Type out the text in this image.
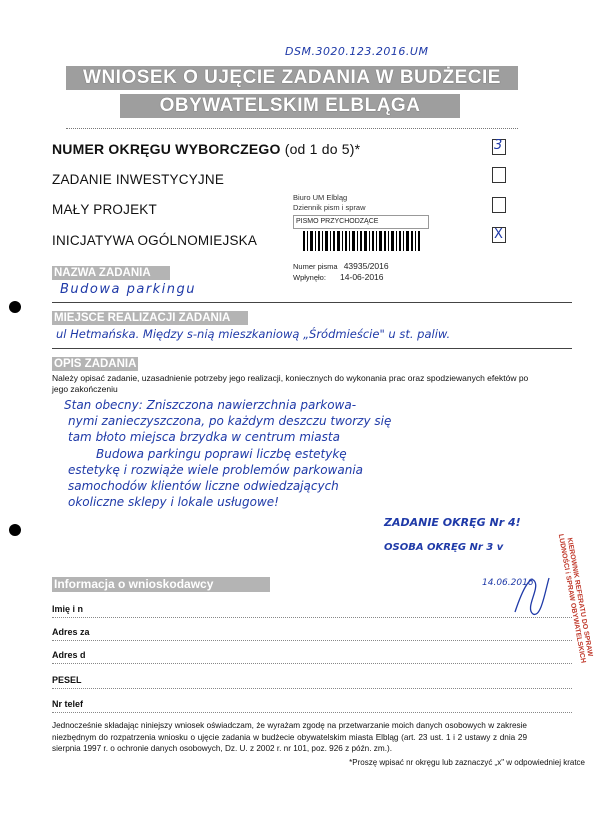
DSM.3020.123.2016.UM
WNIOSEK O UJĘCIE ZADANIA W BUDŻECIE
OBYWATELSKIM ELBLĄGA
NUMER OKRĘGU WYBORCZEGO (od 1 do 5)*	3
ZADANIE INWESTYCYJNE
MAŁY PROJEKT
INICJATYWA OGÓLNOMIEJSKA	X
Biuro UM Elbląg
Dziennik pism i spraw
PISMO PRZYCHODZĄCE
Numer pisma 43935/2016
Wpłynęło: 14-06-2016
NAZWA ZADANIA
Budowa parkingu
MIEJSCE REALIZACJI ZADANIA
ul Hetmańska. Między s-nią mieszkaniową „Śródmieście" u st. paliw.
OPIS ZADANIA
Należy opisać zadanie, uzasadnienie potrzeby jego realizacji, koniecznych do wykonania prac oraz spodziewanych efektów po jego zakończeniu
Stan obecny: Zniszczona nawierzchnia parkowa-
nymi zanieczyszczona, po każdym deszczu tworzy się
tam błoto miejsca brzydka w centrum miasta
Budowa parkingu poprawi liczbę estetykę
estetykę i rozwiąże wiele problemów parkowania
samochodów klientów liczne odwiedzających
okoliczne sklepy i lokale usługowe!
ZADANIE OKRĘG Nr 4!
OSOBA OKRĘG Nr 3 v
Informacja o wnioskodawcy	14.06.2016
Imię i n
Adres za
Adres d
PESEL
Nr telef
KIEROWNIK REFERATU DO SPRAW LUDNOŚCI i SPRAW OBYWATELSKICH
Jednocześnie składając niniejszy wniosek oświadczam, że wyrażam zgodę na przetwarzanie moich danych osobowych w zakresie niezbędnym do rozpatrzenia wniosku o ujęcie zadania w budżecie obywatelskim miasta Elbląg (art. 23 ust. 1 i 2 ustawy z dnia 29 sierpnia 1997 r. o ochronie danych osobowych, Dz. U. z 2002 r. nr 101, poz. 926 z późn. zm.).
*Proszę wpisać nr okręgu lub zaznaczyć „x" w odpowiedniej kratce
